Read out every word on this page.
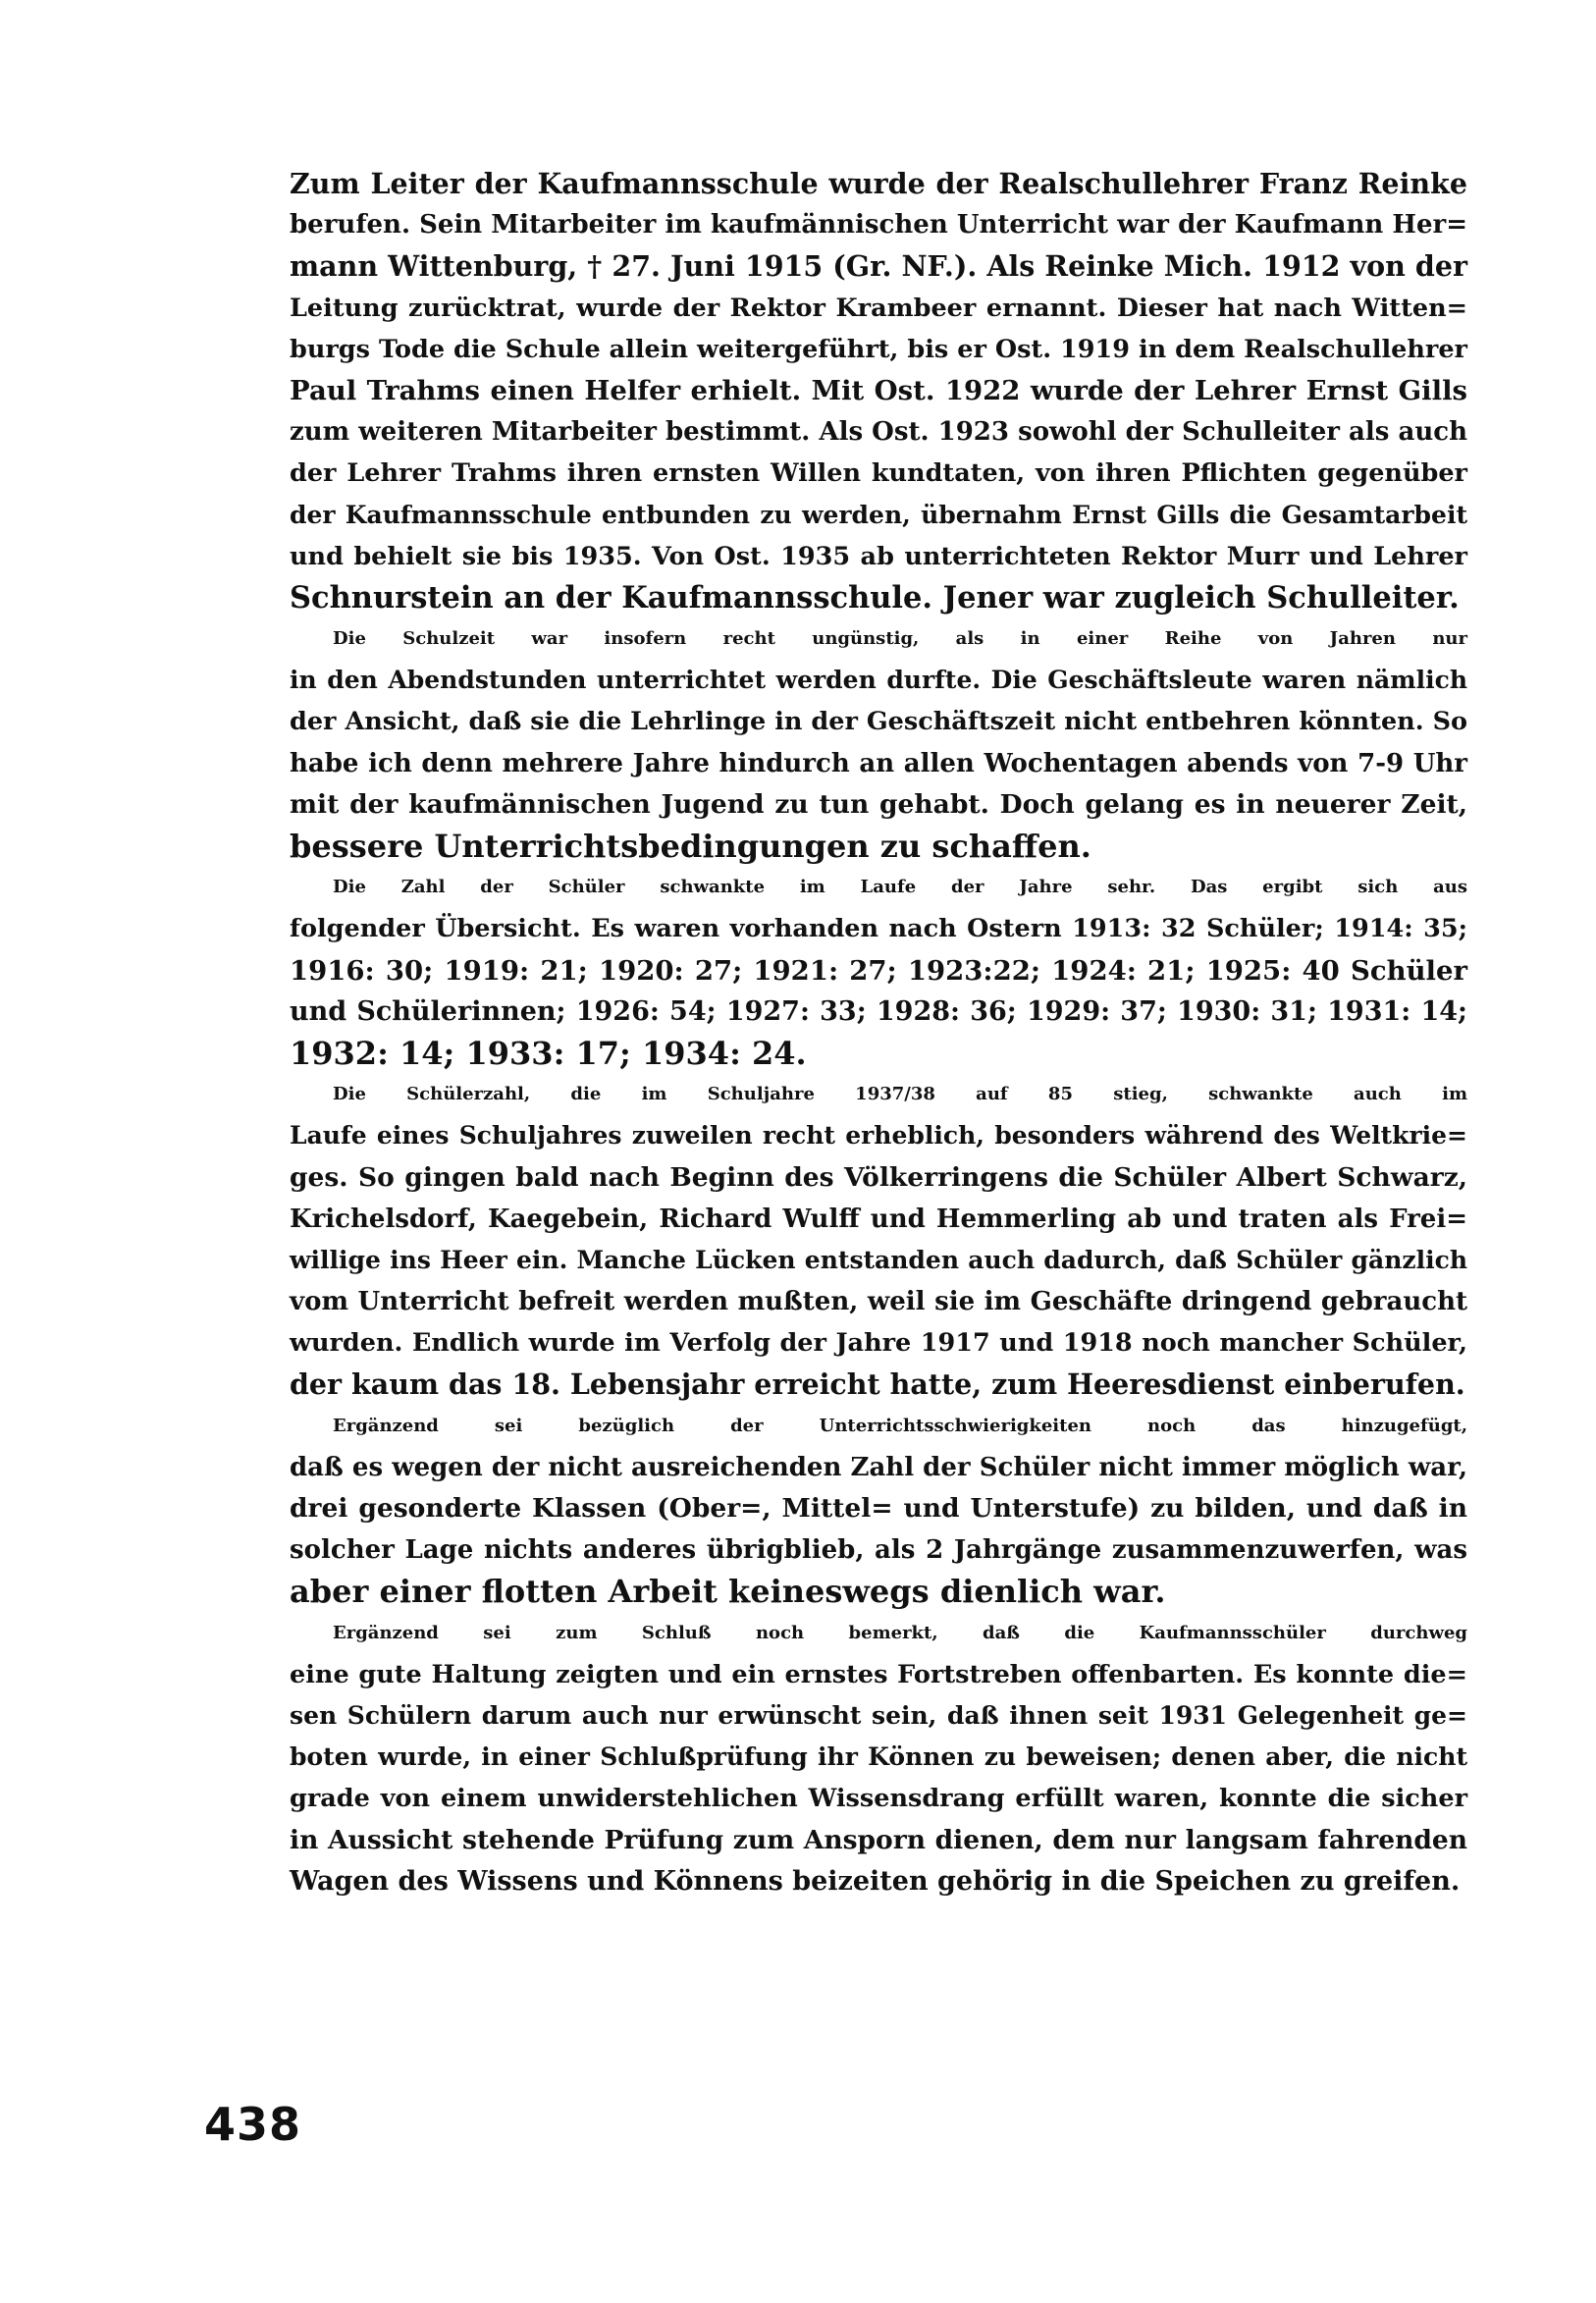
Zum Leiter der Kaufmannsschule wurde der Realschullehrer Franz Reinke
berufen. Sein Mitarbeiter im kaufmännischen Unterricht war der Kaufmann Her=
mann Wittenburg, † 27. Juni 1915 (Gr. NF.). Als Reinke Mich. 1912 von der
Leitung zurücktrat, wurde der Rektor Krambeer ernannt. Dieser hat nach Witten=
burgs Tode die Schule allein weitergeführt, bis er Ost. 1919 in dem Realschullehrer
Paul Trahms einen Helfer erhielt. Mit Ost. 1922 wurde der Lehrer Ernst Gills
zum weiteren Mitarbeiter bestimmt. Als Ost. 1923 sowohl der Schulleiter als auch
der Lehrer Trahms ihren ernsten Willen kundtaten, von ihren Pflichten gegenüber
der Kaufmannsschule entbunden zu werden, übernahm Ernst Gills die Gesamtarbeit
und behielt sie bis 1935. Von Ost. 1935 ab unterrichteten Rektor Murr und Lehrer
Schnurstein an der Kaufmannsschule. Jener war zugleich Schulleiter.
Die Schulzeit war insofern recht ungünstig, als in einer Reihe von Jahren nur
in den Abendstunden unterrichtet werden durfte. Die Geschäftsleute waren nämlich
der Ansicht, daß sie die Lehrlinge in der Geschäftszeit nicht entbehren könnten. So
habe ich denn mehrere Jahre hindurch an allen Wochentagen abends von 7-9 Uhr
mit der kaufmännischen Jugend zu tun gehabt. Doch gelang es in neuerer Zeit,
bessere Unterrichtsbedingungen zu schaffen.
Die Zahl der Schüler schwankte im Laufe der Jahre sehr. Das ergibt sich aus
folgender Übersicht. Es waren vorhanden nach Ostern 1913: 32 Schüler; 1914: 35;
1916: 30; 1919: 21; 1920: 27; 1921: 27; 1923:22; 1924: 21; 1925: 40 Schüler
und Schülerinnen; 1926: 54; 1927: 33; 1928: 36; 1929: 37; 1930: 31; 1931: 14;
1932: 14; 1933: 17; 1934: 24.
Die Schülerzahl, die im Schuljahre 1937/38 auf 85 stieg, schwankte auch im
Laufe eines Schuljahres zuweilen recht erheblich, besonders während des Weltkrie=
ges. So gingen bald nach Beginn des Völkerringens die Schüler Albert Schwarz,
Krichelsdorf, Kaegebein, Richard Wulff und Hemmerling ab und traten als Frei=
willige ins Heer ein. Manche Lücken entstanden auch dadurch, daß Schüler gänzlich
vom Unterricht befreit werden mußten, weil sie im Geschäfte dringend gebraucht
wurden. Endlich wurde im Verfolg der Jahre 1917 und 1918 noch mancher Schüler,
der kaum das 18. Lebensjahr erreicht hatte, zum Heeresdienst einberufen.
Ergänzend sei bezüglich der Unterrichtsschwierigkeiten noch das hinzugefügt,
daß es wegen der nicht ausreichenden Zahl der Schüler nicht immer möglich war,
drei gesonderte Klassen (Ober=, Mittel= und Unterstufe) zu bilden, und daß in
solcher Lage nichts anderes übrigblieb, als 2 Jahrgänge zusammenzuwerfen, was
aber einer flotten Arbeit keineswegs dienlich war.
Ergänzend sei zum Schluß noch bemerkt, daß die Kaufmannsschüler durchweg
eine gute Haltung zeigten und ein ernstes Fortstreben offenbarten. Es konnte die=
sen Schülern darum auch nur erwünscht sein, daß ihnen seit 1931 Gelegenheit ge=
boten wurde, in einer Schlußprüfung ihr Können zu beweisen; denen aber, die nicht
grade von einem unwiderstehlichen Wissensdrang erfüllt waren, konnte die sicher
in Aussicht stehende Prüfung zum Ansporn dienen, dem nur langsam fahrenden
Wagen des Wissens und Könnens beizeiten gehörig in die Speichen zu greifen.
438
